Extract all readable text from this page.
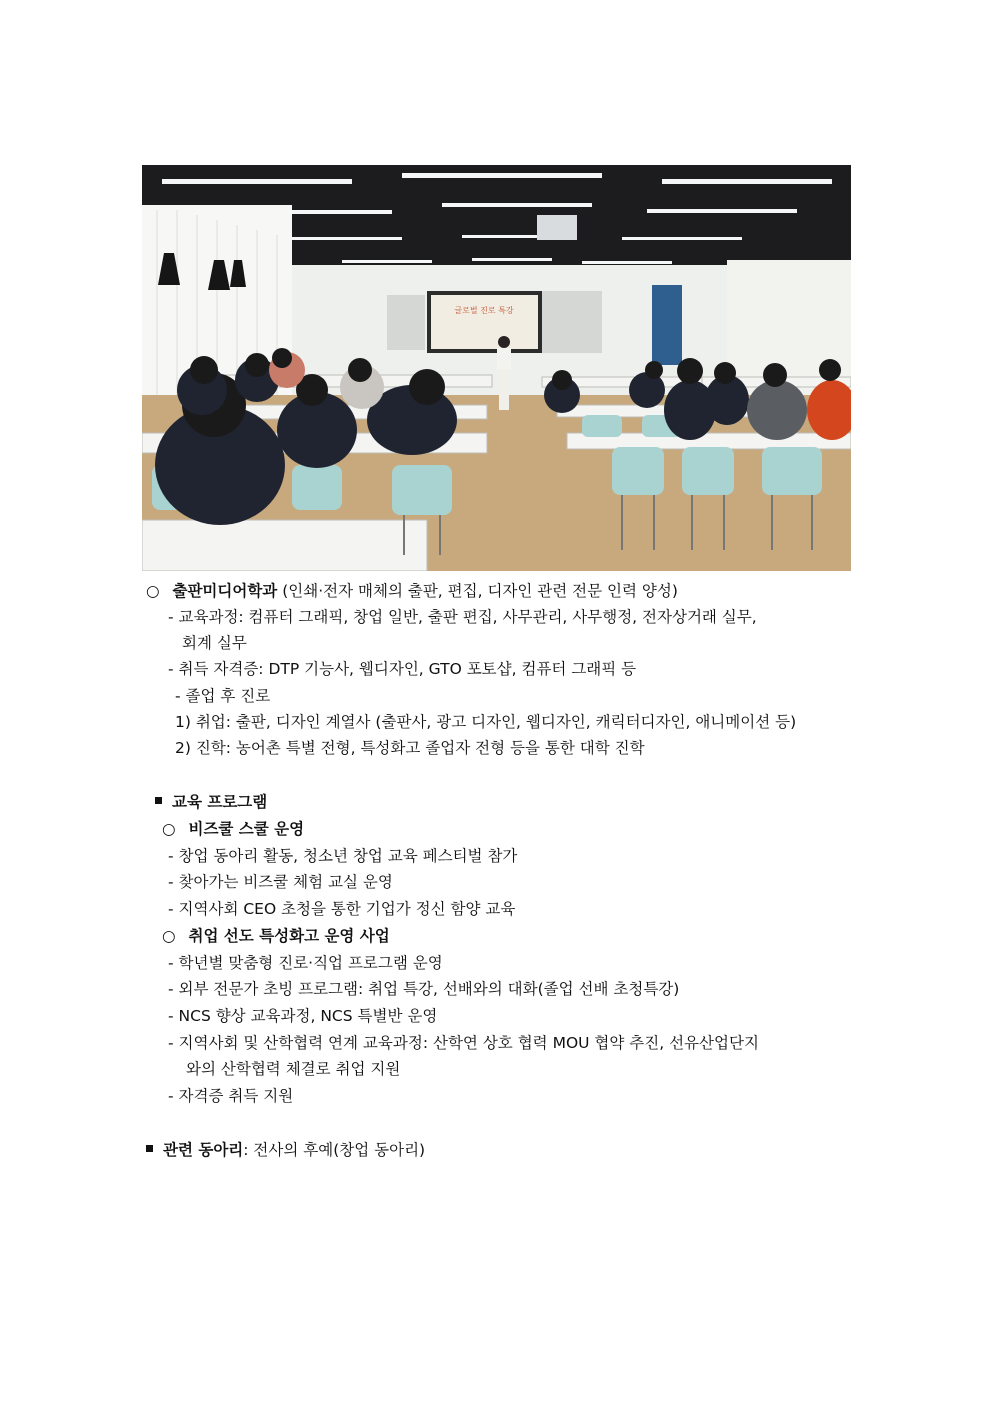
글로벌 진로 특강
○ 출판미디어학과 (인쇄·전자 매체의 출판, 편집, 디자인 관련 전문 인력 양성)
- 교육과정: 컴퓨터 그래픽, 창업 일반, 출판 편집, 사무관리, 사무행정, 전자상거래 실무,
회계 실무
- 취득 자격증: DTP 기능사, 웹디자인, GTO 포토샵, 컴퓨터 그래픽 등
- 졸업 후 진로
1) 취업: 출판, 디자인 계열사 (출판사, 광고 디자인, 웹디자인, 캐릭터디자인, 애니메이션 등)
2) 진학: 농어촌 특별 전형, 특성화고 졸업자 전형 등을 통한 대학 진학
교육 프로그램
○ 비즈쿨 스쿨 운영
- 창업 동아리 활동, 청소년 창업 교육 페스티벌 참가
- 찾아가는 비즈쿨 체험 교실 운영
- 지역사회 CEO 초청을 통한 기업가 정신 함양 교육
○ 취업 선도 특성화고 운영 사업
- 학년별 맞춤형 진로·직업 프로그램 운영
- 외부 전문가 초빙 프로그램: 취업 특강, 선배와의 대화(졸업 선배 초청특강)
- NCS 향상 교육과정, NCS 특별반 운영
- 지역사회 및 산학협력 연계 교육과정: 산학연 상호 협력 MOU 협약 추진, 선유산업단지
와의 산학협력 체결로 취업 지원
- 자격증 취득 지원
관련 동아리: 전사의 후예(창업 동아리)
